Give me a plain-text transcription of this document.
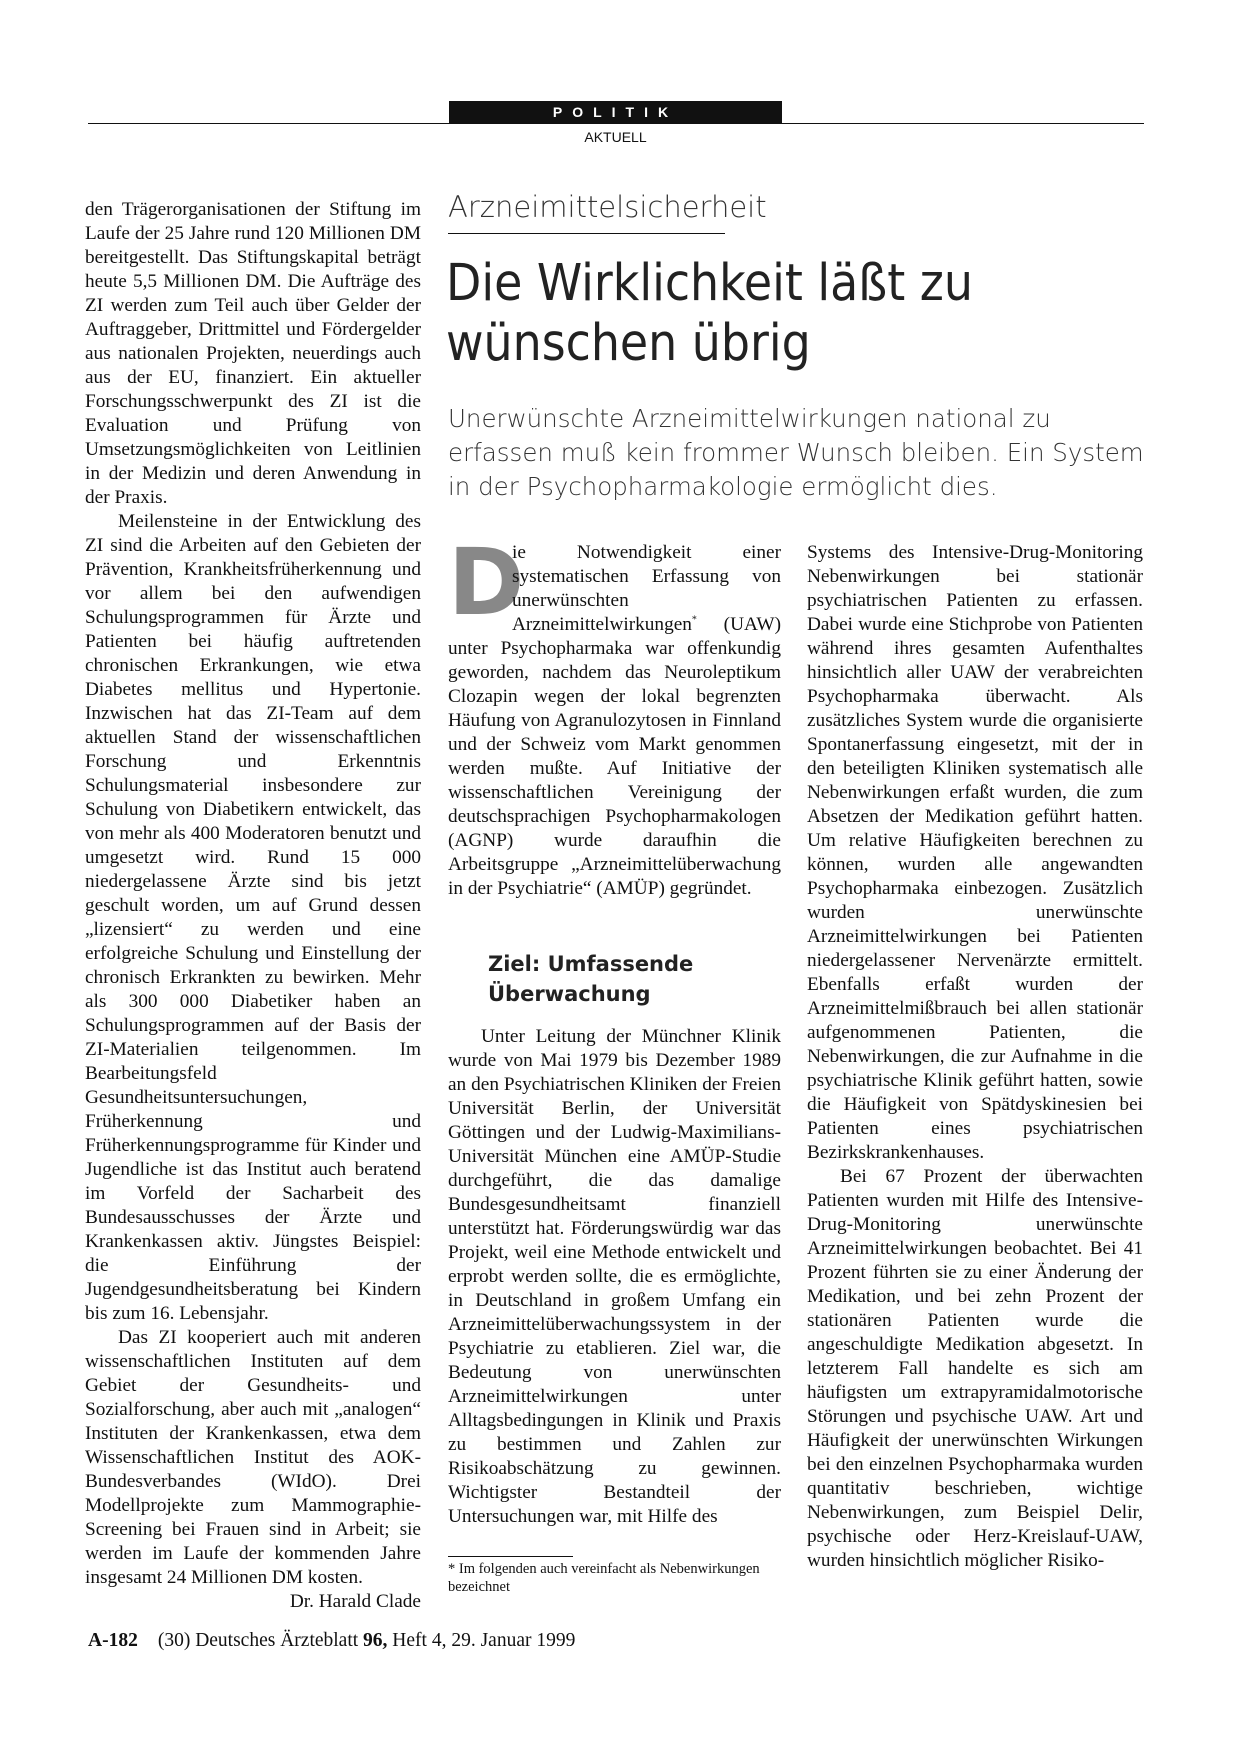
POLITIK
AKTUELL

den Trägerorganisationen der Stiftung im Laufe der 25 Jahre rund 120 Millionen DM bereitgestellt. Das Stiftungskapital beträgt heute 5,5 Millionen DM. Die Aufträge des ZI werden zum Teil auch über Gelder der Auftraggeber, Drittmittel und Fördergelder aus nationalen Projekten, neuerdings auch aus der EU, finanziert. Ein aktueller Forschungsschwerpunkt des ZI ist die Evaluation und Prüfung von Umsetzungsmöglichkeiten von Leitlinien in der Medizin und deren Anwendung in der Praxis.

Meilensteine in der Entwicklung des ZI sind die Arbeiten auf den Gebieten der Prävention, Krankheitsfrüherkennung und vor allem bei den aufwendigen Schulungsprogrammen für Ärzte und Patienten bei häufig auftretenden chronischen Erkrankungen, wie etwa Diabetes mellitus und Hypertonie. Inzwischen hat das ZI-Team auf dem aktuellen Stand der wissenschaftlichen Forschung und Erkenntnis Schulungsmaterial insbesondere zur Schulung von Diabetikern entwickelt, das von mehr als 400 Moderatoren benutzt und umgesetzt wird. Rund 15 000 niedergelassene Ärzte sind bis jetzt geschult worden, um auf Grund dessen „lizensiert“ zu werden und eine erfolgreiche Schulung und Einstellung der chronisch Erkrankten zu bewirken. Mehr als 300 000 Diabetiker haben an Schulungsprogrammen auf der Basis der ZI-Materialien teilgenommen. Im Bearbeitungsfeld Gesundheitsuntersuchungen, Früherkennung und Früherkennungsprogramme für Kinder und Jugendliche ist das Institut auch beratend im Vorfeld der Sacharbeit des Bundesausschusses der Ärzte und Krankenkassen aktiv. Jüngstes Beispiel: die Einführung der Jugendgesundheitsberatung bei Kindern bis zum 16. Lebensjahr.

Das ZI kooperiert auch mit anderen wissenschaftlichen Instituten auf dem Gebiet der Gesundheits- und Sozialforschung, aber auch mit „analogen“ Instituten der Krankenkassen, etwa dem Wissenschaftlichen Institut des AOK-Bundesverbandes (WIdO). Drei Modellprojekte zum Mammographie-Screening bei Frauen sind in Arbeit; sie werden im Laufe der kommenden Jahre insgesamt 24 Millionen DM kosten.
Dr. Harald Clade

Arzneimittelsicherheit
Die Wirklichkeit läßt zu
wünschen übrig
Unerwünschte Arzneimittelwirkungen national zu
erfassen muß kein frommer Wunsch bleiben. Ein System
in der Psychopharmakologie ermöglicht dies.

D
ie Notwendigkeit einer systematischen Erfassung von unerwünschten Arzneimittelwirkungen* (UAW) unter Psychopharmaka war offenkundig geworden, nachdem das Neuroleptikum Clozapin wegen der lokal begrenzten Häufung von Agranulozytosen in Finnland und der Schweiz vom Markt genommen werden mußte. Auf Initiative der wissenschaftlichen Vereinigung der deutschsprachigen Psychopharmakologen (AGNP) wurde daraufhin die Arbeitsgruppe „Arzneimittelüberwachung in der Psychiatrie“ (AMÜP) gegründet.

Ziel: Umfassende
Überwachung

Unter Leitung der Münchner Klinik wurde von Mai 1979 bis Dezember 1989 an den Psychiatrischen Kliniken der Freien Universität Berlin, der Universität Göttingen und der Ludwig-Maximilians-Universität München eine AMÜP-Studie durchgeführt, die das damalige Bundesgesundheitsamt finanziell unterstützt hat. Förderungswürdig war das Projekt, weil eine Methode entwickelt und erprobt werden sollte, die es ermöglichte, in Deutschland in großem Umfang ein Arzneimittelüberwachungssystem in der Psychiatrie zu etablieren. Ziel war, die Bedeutung von unerwünschten Arzneimittelwirkungen unter Alltagsbedingungen in Klinik und Praxis zu bestimmen und Zahlen zur Risikoabschätzung zu gewinnen. Wichtigster Bestandteil der Untersuchungen war, mit Hilfe des

* Im folgenden auch vereinfacht als Nebenwirkungen bezeichnet

Systems des Intensive-Drug-Monitoring Nebenwirkungen bei stationär psychiatrischen Patienten zu erfassen. Dabei wurde eine Stichprobe von Patienten während ihres gesamten Aufenthaltes hinsichtlich aller UAW der verabreichten Psychopharmaka überwacht. Als zusätzliches System wurde die organisierte Spontanerfassung eingesetzt, mit der in den beteiligten Kliniken systematisch alle Nebenwirkungen erfaßt wurden, die zum Absetzen der Medikation geführt hatten. Um relative Häufigkeiten berechnen zu können, wurden alle angewandten Psychopharmaka einbezogen. Zusätzlich wurden unerwünschte Arzneimittelwirkungen bei Patienten niedergelassener Nervenärzte ermittelt. Ebenfalls erfaßt wurden der Arzneimittelmißbrauch bei allen stationär aufgenommenen Patienten, die Nebenwirkungen, die zur Aufnahme in die psychiatrische Klinik geführt hatten, sowie die Häufigkeit von Spätdyskinesien bei Patienten eines psychiatrischen Bezirkskrankenhauses.

Bei 67 Prozent der überwachten Patienten wurden mit Hilfe des Intensive-Drug-Monitoring unerwünschte Arzneimittelwirkungen beobachtet. Bei 41 Prozent führten sie zu einer Änderung der Medikation, und bei zehn Prozent der stationären Patienten wurde die angeschuldigte Medikation abgesetzt. In letzterem Fall handelte es sich am häufigsten um extrapyramidalmotorische Störungen und psychische UAW. Art und Häufigkeit der unerwünschten Wirkungen bei den einzelnen Psychopharmaka wurden quantitativ beschrieben, wichtige Nebenwirkungen, zum Beispiel Delir, psychische oder Herz-Kreislauf-UAW, wurden hinsichtlich möglicher Risiko-

A-182 (30) Deutsches Ärzteblatt 96, Heft 4, 29. Januar 1999
